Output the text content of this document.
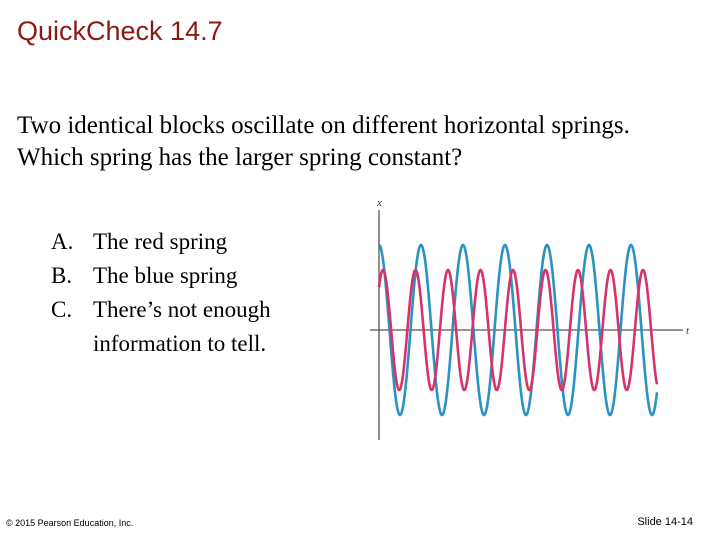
QuickCheck 14.7
Two identical blocks oscillate on different horizontal springs. Which spring has the larger spring constant?
A. The red spring
B. The blue spring
C. There’s not enough information to tell.
x
t
© 2015 Pearson Education, Inc.	Slide 14-14
